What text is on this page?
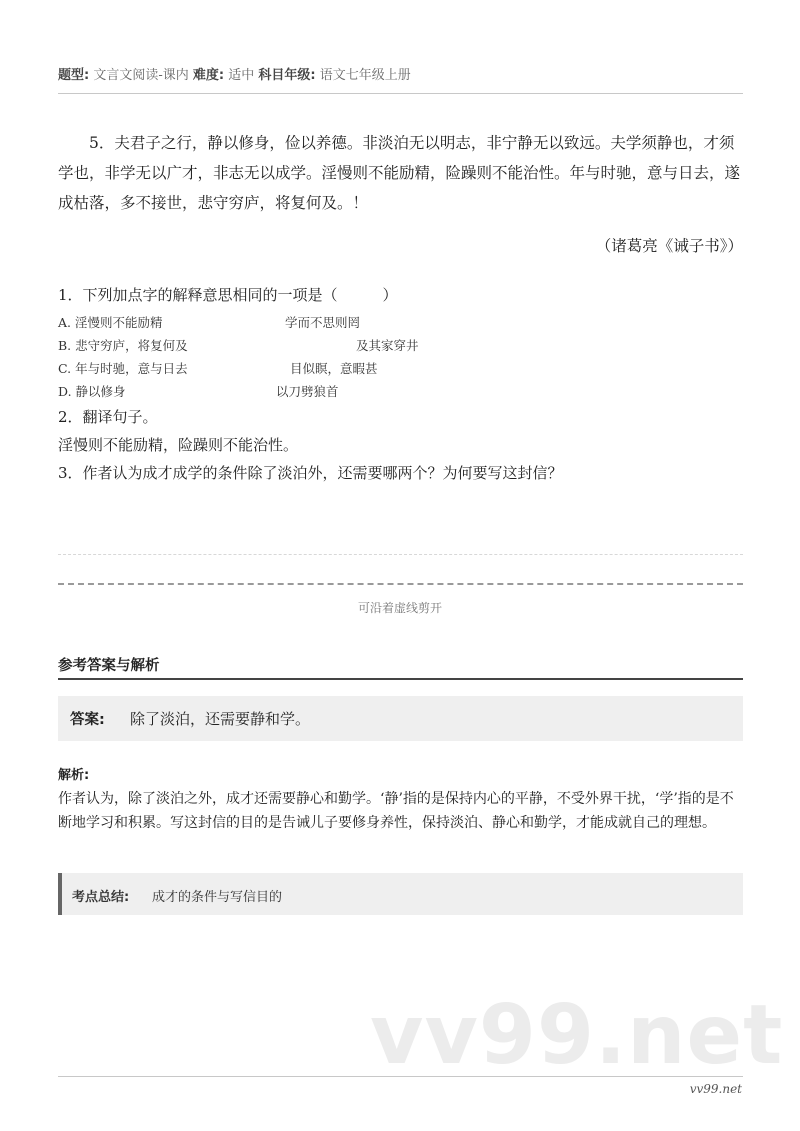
题型: 文言文阅读-课内 难度: 适中 科目年级: 语文七年级上册

5．夫君子之行，静以修身，俭以养德。非淡泊无以明志，非宁静无以致远。夫学须静也，才须学也，非学无以广才，非志无以成学。淫慢则不能励精，险躁则不能治性。年与时驰，意与日去，遂成枯落，多不接世，悲守穷庐，将复何及。！

（诸葛亮《诫子书》）
1．下列加点字的解释意思相同的一项是（　　　）
A. 淫慢则不能励精	学而不思则罔
B. 悲守穷庐，将复何及	及其家穿井
C. 年与时驰，意与日去	目似瞑，意暇甚
D. 静以修身	以刀劈狼首
2．翻译句子。
淫慢则不能励精，险躁则不能治性。
3．作者认为成才成学的条件除了淡泊外，还需要哪两个？为何要写这封信？
可沿着虚线剪开
参考答案与解析
答案: 除了淡泊，还需要静和学。
解析:
作者认为，除了淡泊之外，成才还需要静心和勤学。‘静’指的是保持内心的平静，不受外界干扰，‘学’指的是不断地学习和积累。写这封信的目的是告诫儿子要修身养性，保持淡泊、静心和勤学，才能成就自己的理想。
考点总结: 成才的条件与写信目的
vv99.net
vv99.net
